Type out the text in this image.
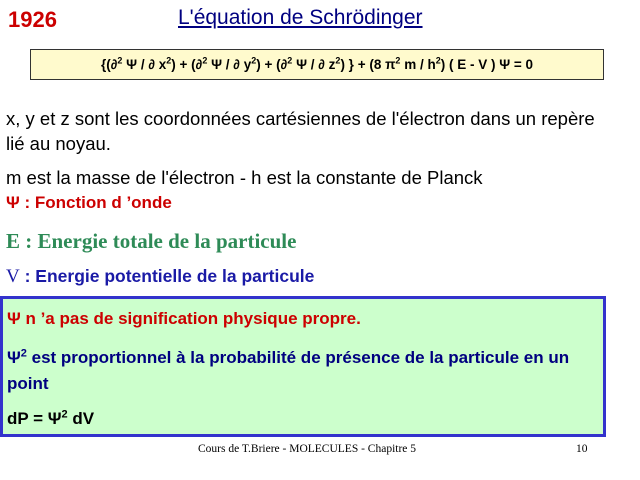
1926	L'équation de Schrödinger
{(∂$^2$ Ψ / ∂ $x^2) + (\partial^2$ Ψ / ∂ $y^2) + (\partial^2$ Ψ / ∂ $z^2$) } + (8 $\pi^2$ m / $h^2$) ( E - V ) Ψ = 0
x, y et z sont les coordonnées cartésiennes de l'électron dans un repère lié au noyau.
m est la masse de l'électron - h est la constante de Planck
Ψ : Fonction d ’onde
E : Energie totale de la particule
V : Energie potentielle de la particule
Ψ n ’a pas de signification physique propre.
$\Psi^2$ est proportionnel à la probabilité de présence de la particule en un point
dP = $\Psi^2$ dV
Cours de T.Briere - MOLECULES - Chapitre 5	10
